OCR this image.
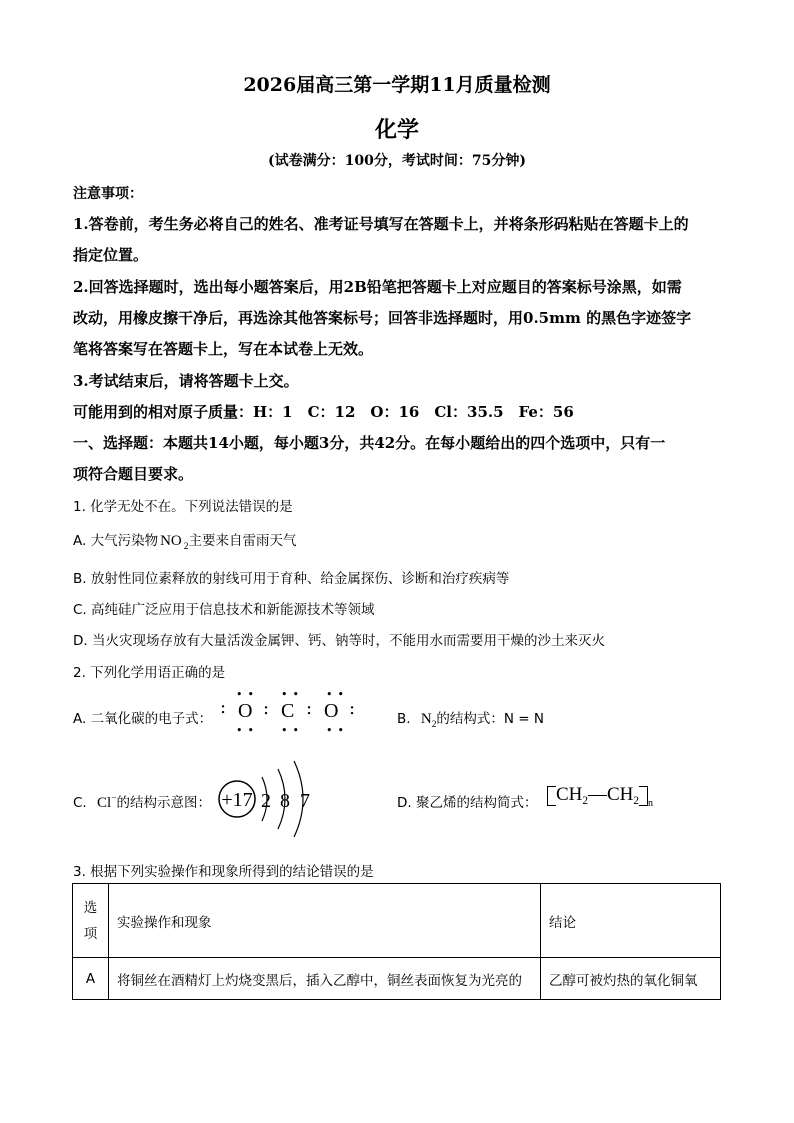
2026届高三第一学期11月质量检测
化学
(试卷满分：100分，考试时间：75分钟)
注意事项：
1.答卷前，考生务必将自己的姓名、准考证号填写在答题卡上，并将条形码粘贴在答题卡上的
指定位置。
2.回答选择题时，选出每小题答案后，用2B铅笔把答题卡上对应题目的答案标号涂黑，如需
改动，用橡皮擦干净后，再选涂其他答案标号；回答非选择题时，用0.5mm 的黑色字迹签字
笔将答案写在答题卡上，写在本试卷上无效。
3.考试结束后，请将答题卡上交。
可能用到的相对原子质量：H：1　C：12　O：16　Cl：35.5　Fe：56
一、选择题：本题共14小题，每小题3分，共42分。在每小题给出的四个选项中，只有一
项符合题目要求。
1. 化学无处不在。下列说法错误的是
A. 大气污染物 NO $_2$主要来自雷雨天气
B. 放射性同位素释放的射线可用于育种、给金属探伤、诊断和治疗疾病等
C. 高纯硅广泛应用于信息技术和新能源技术等领域
D. 当火灾现场存放有大量活泼金属钾、钙、钠等时，不能用水而需要用干燥的沙土来灭火
2. 下列化学用语正确的是
A. 二氧化碳的电子式：
•• •• ••
: O : C : O :
•• •• ••
B. $N_2$的结构式：N = N
C. Cl−的结构示意图： +17 2 8 7	D. 聚乙烯的结构简式： $CH_2—CH_2$ $_n$
3. 根据下列实验操作和现象所得到的结论错误的是
选
项	实验操作和现象	结论
A	将铜丝在酒精灯上灼烧变黑后，插入乙醇中，铜丝表面恢复为光亮的	乙醇可被灼热的氧化铜氧
